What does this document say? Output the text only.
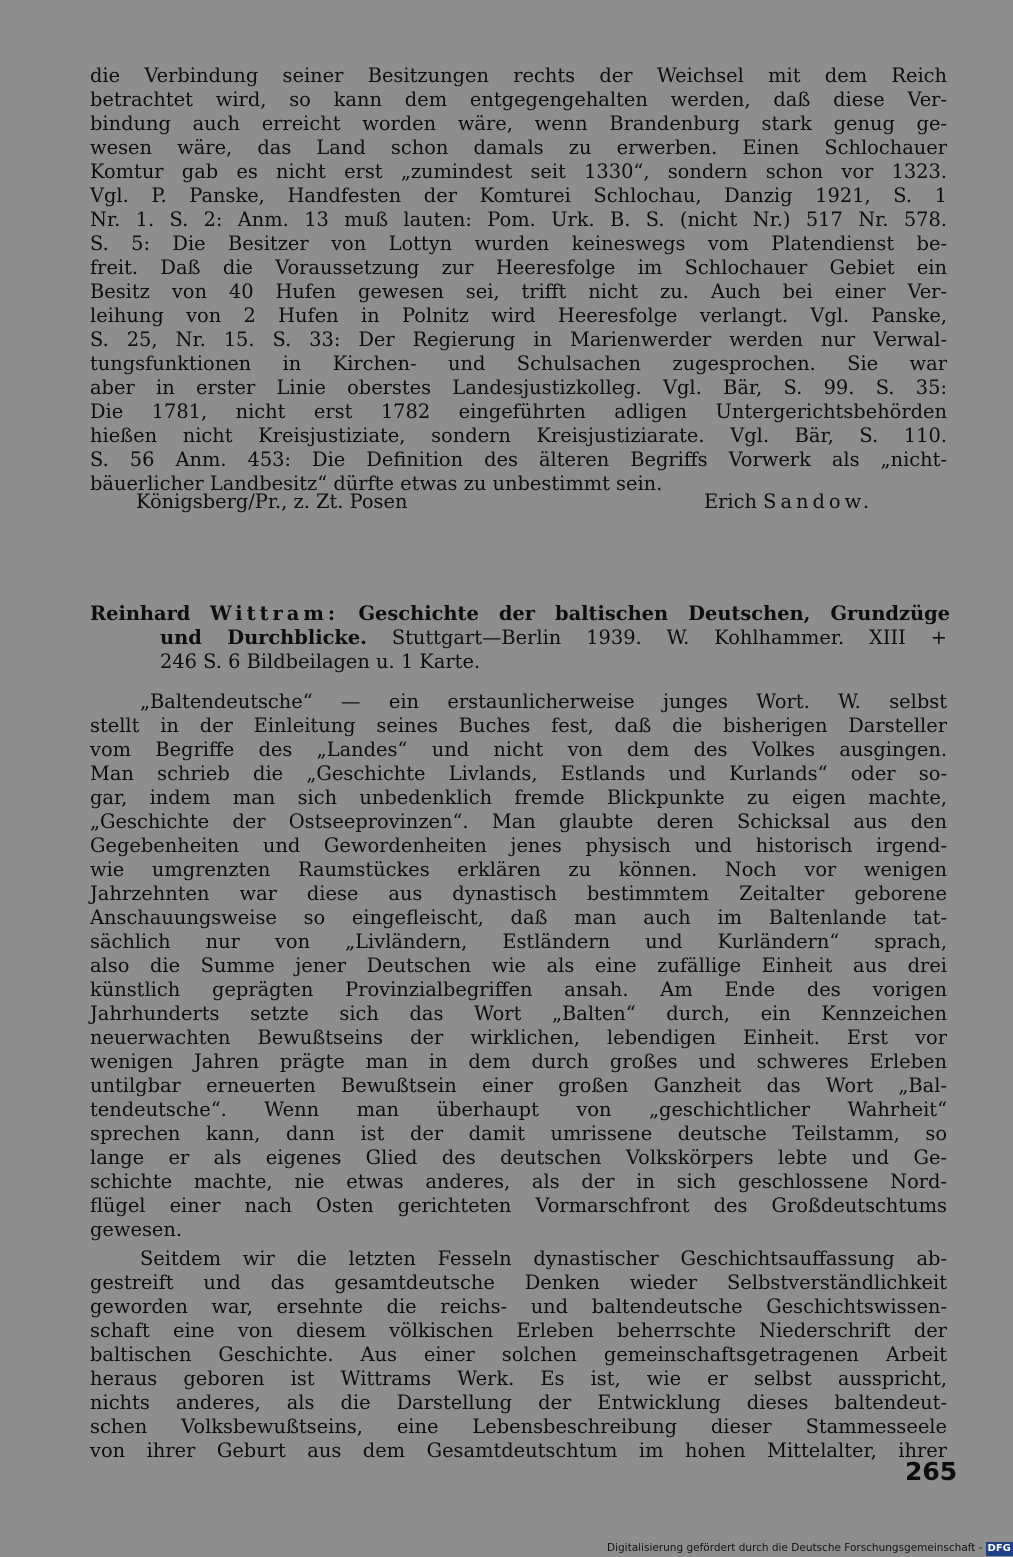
die Verbindung seiner Besitzungen rechts der Weichsel mit dem Reich
betrachtet wird, so kann dem entgegengehalten werden, daß diese Ver-
bindung auch erreicht worden wäre, wenn Brandenburg stark genug ge-
wesen wäre, das Land schon damals zu erwerben. Einen Schlochauer
Komtur gab es nicht erst „zumindest seit 1330“, sondern schon vor 1323.
Vgl. P. Panske, Handfesten der Komturei Schlochau, Danzig 1921, S. 1
Nr. 1. S. 2: Anm. 13 muß lauten: Pom. Urk. B. S. (nicht Nr.) 517 Nr. 578.
S. 5: Die Besitzer von Lottyn wurden keineswegs vom Platendienst be-
freit. Daß die Voraussetzung zur Heeresfolge im Schlochauer Gebiet ein
Besitz von 40 Hufen gewesen sei, trifft nicht zu. Auch bei einer Ver-
leihung von 2 Hufen in Polnitz wird Heeresfolge verlangt. Vgl. Panske,
S. 25, Nr. 15. S. 33: Der Regierung in Marienwerder werden nur Verwal-
tungsfunktionen in Kirchen- und Schulsachen zugesprochen. Sie war
aber in erster Linie oberstes Landesjustizkolleg. Vgl. Bär, S. 99. S. 35:
Die 1781, nicht erst 1782 eingeführten adligen Untergerichtsbehörden
hießen nicht Kreisjustiziate, sondern Kreisjustiziarate. Vgl. Bär, S. 110.
S. 56 Anm. 453: Die Definition des älteren Begriffs Vorwerk als „nicht-
bäuerlicher Landbesitz“ dürfte etwas zu unbestimmt sein.
Königsberg/Pr., z. Zt. Posen	Erich Sandow.
Reinhard Wittram: Geschichte der baltischen Deutschen, Grundzüge
und Durchblicke. Stuttgart—Berlin 1939. W. Kohlhammer. XIII +
246 S. 6 Bildbeilagen u. 1 Karte.
„Baltendeutsche“ — ein erstaunlicherweise junges Wort. W. selbst
stellt in der Einleitung seines Buches fest, daß die bisherigen Darsteller
vom Begriffe des „Landes“ und nicht von dem des Volkes ausgingen.
Man schrieb die „Geschichte Livlands, Estlands und Kurlands“ oder so-
gar, indem man sich unbedenklich fremde Blickpunkte zu eigen machte,
„Geschichte der Ostseeprovinzen“. Man glaubte deren Schicksal aus den
Gegebenheiten und Gewordenheiten jenes physisch und historisch irgend-
wie umgrenzten Raumstückes erklären zu können. Noch vor wenigen
Jahrzehnten war diese aus dynastisch bestimmtem Zeitalter geborene
Anschauungsweise so eingefleischt, daß man auch im Baltenlande tat-
sächlich nur von „Livländern, Estländern und Kurländern“ sprach,
also die Summe jener Deutschen wie als eine zufällige Einheit aus drei
künstlich geprägten Provinzialbegriffen ansah. Am Ende des vorigen
Jahrhunderts setzte sich das Wort „Balten“ durch, ein Kennzeichen
neuerwachten Bewußtseins der wirklichen, lebendigen Einheit. Erst vor
wenigen Jahren prägte man in dem durch großes und schweres Erleben
untilgbar erneuerten Bewußtsein einer großen Ganzheit das Wort „Bal-
tendeutsche“. Wenn man überhaupt von „geschichtlicher Wahrheit“
sprechen kann, dann ist der damit umrissene deutsche Teilstamm, so
lange er als eigenes Glied des deutschen Volkskörpers lebte und Ge-
schichte machte, nie etwas anderes, als der in sich geschlossene Nord-
flügel einer nach Osten gerichteten Vormarschfront des Großdeutschtums
gewesen.
Seitdem wir die letzten Fesseln dynastischer Geschichtsauffassung ab-
gestreift und das gesamtdeutsche Denken wieder Selbstverständlichkeit
geworden war, ersehnte die reichs- und baltendeutsche Geschichtswissen-
schaft eine von diesem völkischen Erleben beherrschte Niederschrift der
baltischen Geschichte. Aus einer solchen gemeinschaftsgetragenen Arbeit
heraus geboren ist Wittrams Werk. Es ist, wie er selbst ausspricht,
nichts anderes, als die Darstellung der Entwicklung dieses baltendeut-
schen Volksbewußtseins, eine Lebensbeschreibung dieser Stammesseele
von ihrer Geburt aus dem Gesamtdeutschtum im hohen Mittelalter, ihrer
265
Digitalisierung gefördert durch die Deutsche Forschungsgemeinschaft - DFG
